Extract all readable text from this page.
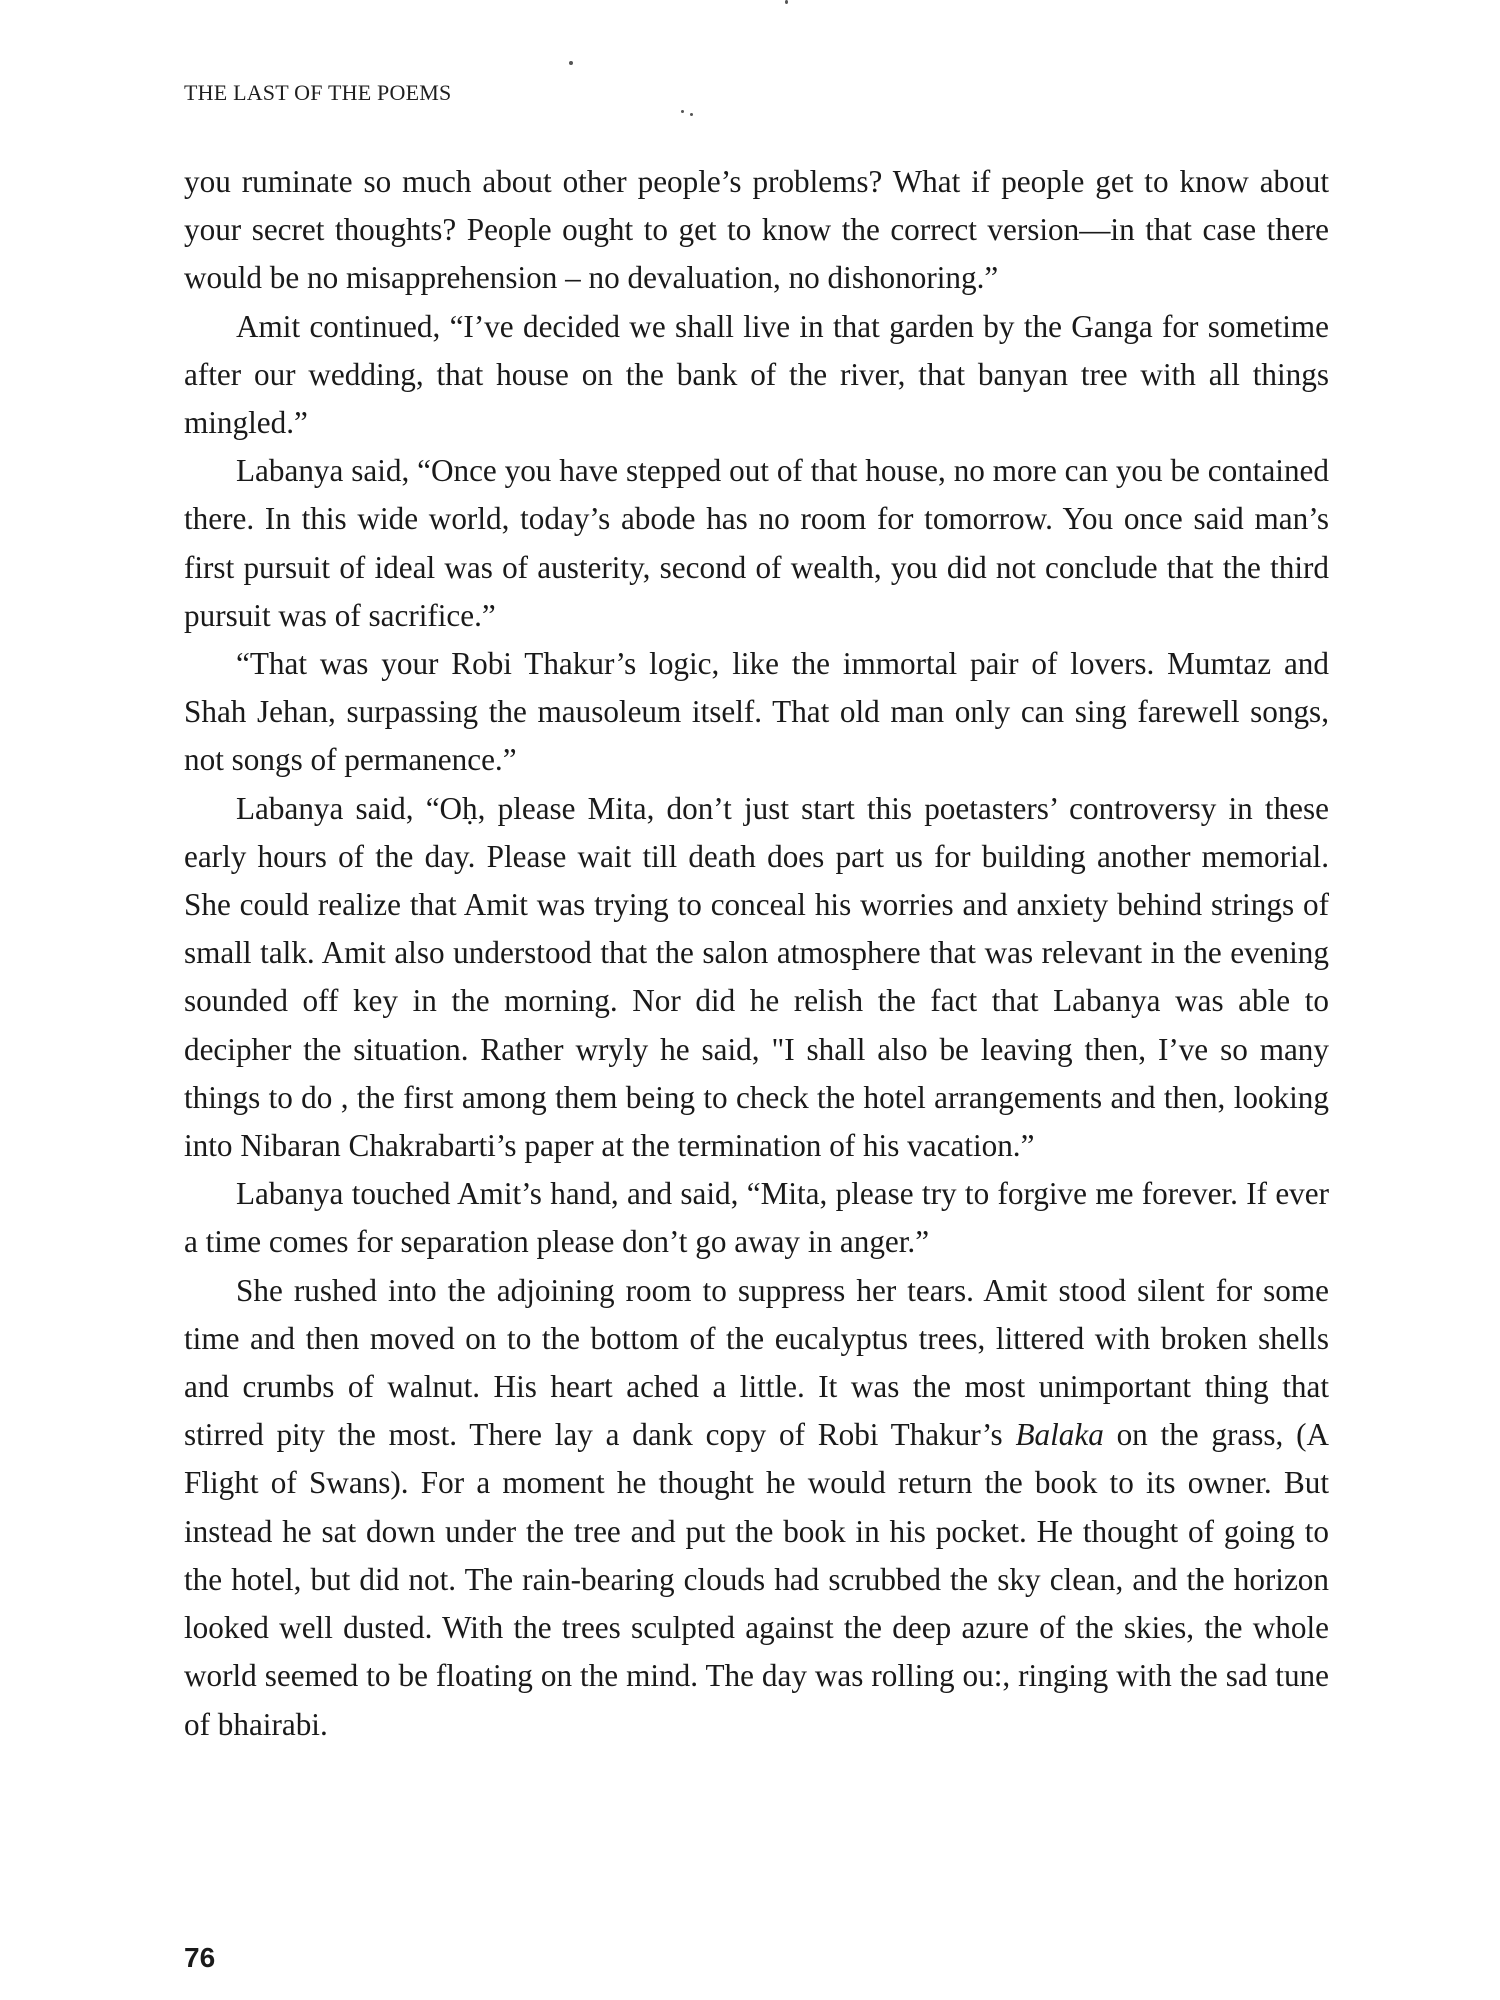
THE LAST OF THE POEMS

you ruminate so much about other people’s problems? What if people get to know about your secret thoughts? People ought to get to know the correct version—in that case there would be no misapprehension – no devaluation, no dishonoring.”

Amit continued, “I’ve decided we shall live in that garden by the Ganga for sometime after our wedding, that house on the bank of the river, that banyan tree with all things mingled.”

Labanya said, “Once you have stepped out of that house, no more can you be contained there. In this wide world, today’s abode has no room for tomorrow. You once said man’s first pursuit of ideal was of austerity, second of wealth, you did not conclude that the third pursuit was of sacrifice.”

“That was your Robi Thakur’s logic, like the immortal pair of lovers. Mumtaz and Shah Jehan, surpassing the mausoleum itself. That old man only can sing farewell songs, not songs of permanence.”

Labanya said, “Oḥ, please Mita, don’t just start this poetasters’ controversy in these early hours of the day. Please wait till death does part us for building another memorial. She could realize that Amit was trying to conceal his worries and anxiety behind strings of small talk. Amit also understood that the salon atmosphere that was relevant in the evening sounded off key in the morning. Nor did he relish the fact that Labanya was able to decipher the situation. Rather wryly he said, "I shall also be leaving then, I’ve so many things to do , the first among them being to check the hotel arrangements and then, looking into Nibaran Chakrabarti’s paper at the termination of his vacation.”

Labanya touched Amit’s hand, and said, “Mita, please try to forgive me forever. If ever a time comes for separation please don’t go away in anger.”

She rushed into the adjoining room to suppress her tears. Amit stood silent for some time and then moved on to the bottom of the eucalyptus trees, littered with broken shells and crumbs of walnut. His heart ached a little. It was the most unimportant thing that stirred pity the most. There lay a dank copy of Robi Thakur’s Balaka on the grass, (A Flight of Swans). For a moment he thought he would return the book to its owner. But instead he sat down under the tree and put the book in his pocket. He thought of going to the hotel, but did not. The rain-bearing clouds had scrubbed the sky clean, and the horizon looked well dusted. With the trees sculpted against the deep azure of the skies, the whole world seemed to be floating on the mind. The day was rolling ou:, ringing with the sad tune of bhairabi.

76
